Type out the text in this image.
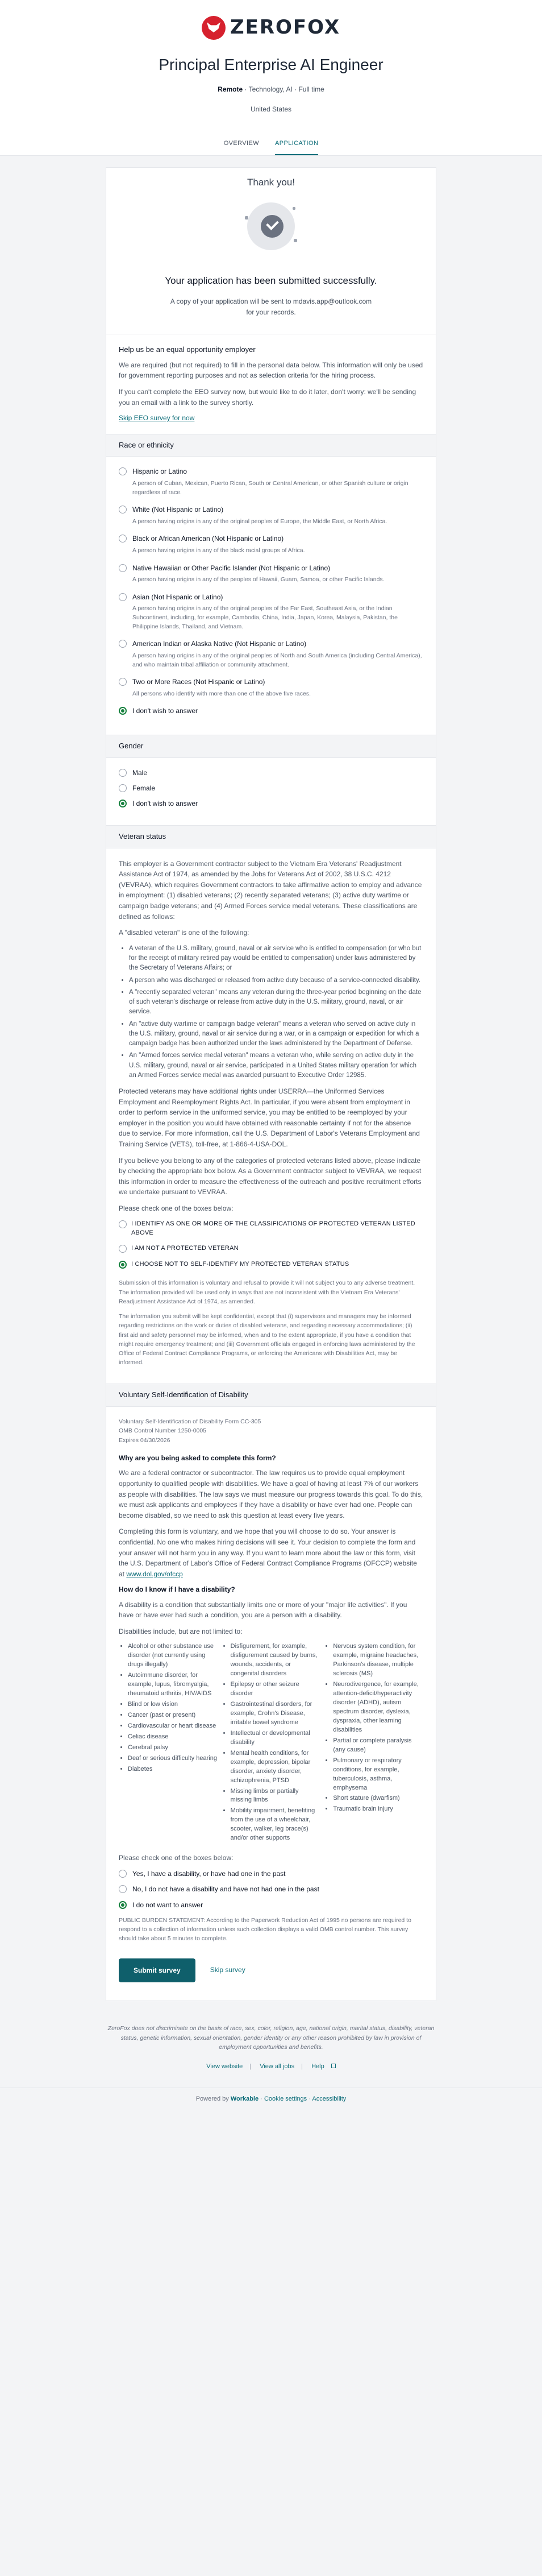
ZEROFOX
Principal Enterprise AI Engineer
Remote · Technology, AI · Full time
United States
OVERVIEW	APPLICATION
Thank you!
Your application has been submitted successfully.
A copy of your application will be sent to mdavis.app@outlook.com
for your records.
Help us be an equal opportunity employer

We are required (but not required) to fill in the personal data below. This information will only be used for government reporting purposes and not as selection criteria for the hiring process.

If you can't complete the EEO survey now, but would like to do it later, don't worry: we'll be sending you an email with a link to the survey shortly.

Skip EEO survey for now
Race or ethnicity
Hispanic or Latino
A person of Cuban, Mexican, Puerto Rican, South or Central American, or other Spanish culture or origin regardless of race.
White (Not Hispanic or Latino)
A person having origins in any of the original peoples of Europe, the Middle East, or North Africa.
Black or African American (Not Hispanic or Latino)
A person having origins in any of the black racial groups of Africa.
Native Hawaiian or Other Pacific Islander (Not Hispanic or Latino)
A person having origins in any of the peoples of Hawaii, Guam, Samoa, or other Pacific Islands.
Asian (Not Hispanic or Latino)
A person having origins in any of the original peoples of the Far East, Southeast Asia, or the Indian Subcontinent, including, for example, Cambodia, China, India, Japan, Korea, Malaysia, Pakistan, the Philippine Islands, Thailand, and Vietnam.
American Indian or Alaska Native (Not Hispanic or Latino)
A person having origins in any of the original peoples of North and South America (including Central America), and who maintain tribal affiliation or community attachment.
Two or More Races (Not Hispanic or Latino)
All persons who identify with more than one of the above five races.
I don't wish to answer
Gender
Male
Female
I don't wish to answer
Veteran status

This employer is a Government contractor subject to the Vietnam Era Veterans' Readjustment Assistance Act of 1974, as amended by the Jobs for Veterans Act of 2002, 38 U.S.C. 4212 (VEVRAA), which requires Government contractors to take affirmative action to employ and advance in employment: (1) disabled veterans; (2) recently separated veterans; (3) active duty wartime or campaign badge veterans; and (4) Armed Forces service medal veterans. These classifications are defined as follows:

A "disabled veteran" is one of the following:

• A veteran of the U.S. military, ground, naval or air service who is entitled to compensation (or who but for the receipt of military retired pay would be entitled to compensation) under laws administered by the Secretary of Veterans Affairs; or
• A person who was discharged or released from active duty because of a service-connected disability.
• A "recently separated veteran" means any veteran during the three-year period beginning on the date of such veteran's discharge or release from active duty in the U.S. military, ground, naval, or air service.
• An "active duty wartime or campaign badge veteran" means a veteran who served on active duty in the U.S. military, ground, naval or air service during a war, or in a campaign or expedition for which a campaign badge has been authorized under the laws administered by the Department of Defense.
• An "Armed forces service medal veteran" means a veteran who, while serving on active duty in the U.S. military, ground, naval or air service, participated in a United States military operation for which an Armed Forces service medal was awarded pursuant to Executive Order 12985.

Protected veterans may have additional rights under USERRA—the Uniformed Services Employment and Reemployment Rights Act. In particular, if you were absent from employment in order to perform service in the uniformed service, you may be entitled to be reemployed by your employer in the position you would have obtained with reasonable certainty if not for the absence due to service. For more information, call the U.S. Department of Labor's Veterans Employment and Training Service (VETS), toll-free, at 1-866-4-USA-DOL.

If you believe you belong to any of the categories of protected veterans listed above, please indicate by checking the appropriate box below. As a Government contractor subject to VEVRAA, we request this information in order to measure the effectiveness of the outreach and positive recruitment efforts we undertake pursuant to VEVRAA.

Please check one of the boxes below:

I IDENTIFY AS ONE OR MORE OF THE CLASSIFICATIONS OF PROTECTED VETERAN LISTED ABOVE
I AM NOT A PROTECTED VETERAN
I CHOOSE NOT TO SELF-IDENTIFY MY PROTECTED VETERAN STATUS

Submission of this information is voluntary and refusal to provide it will not subject you to any adverse treatment. The information provided will be used only in ways that are not inconsistent with the Vietnam Era Veterans' Readjustment Assistance Act of 1974, as amended.

The information you submit will be kept confidential, except that (i) supervisors and managers may be informed regarding restrictions on the work or duties of disabled veterans, and regarding necessary accommodations; (ii) first aid and safety personnel may be informed, when and to the extent appropriate, if you have a condition that might require emergency treatment; and (iii) Government officials engaged in enforcing laws administered by the Office of Federal Contract Compliance Programs, or enforcing the Americans with Disabilities Act, may be informed.

Voluntary Self-Identification of Disability
Voluntary Self-Identification of Disability Form CC-305
OMB Control Number 1250-0005
Expires 04/30/2026
Why are you being asked to complete this form?

We are a federal contractor or subcontractor. The law requires us to provide equal employment opportunity to qualified people with disabilities. We have a goal of having at least 7% of our workers as people with disabilities. The law says we must measure our progress towards this goal. To do this, we must ask applicants and employees if they have a disability or have ever had one. People can become disabled, so we need to ask this question at least every five years.

Completing this form is voluntary, and we hope that you will choose to do so. Your answer is confidential. No one who makes hiring decisions will see it. Your decision to complete the form and your answer will not harm you in any way. If you want to learn more about the law or this form, visit the U.S. Department of Labor's Office of Federal Contract Compliance Programs (OFCCP) website at www.dol.gov/ofccp

How do I know if I have a disability?

A disability is a condition that substantially limits one or more of your "major life activities". If you have or have ever had such a condition, you are a person with a disability.

Disabilities include, but are not limited to:

• Alcohol or other substance use disorder (not currently using drugs illegally)
• Autoimmune disorder, for example, lupus, fibromyalgia, rheumatoid arthritis, HIV/AIDS
• Blind or low vision
• Cancer (past or present)
• Cardiovascular or heart disease
• Celiac disease
• Cerebral palsy
• Deaf or serious difficulty hearing
• Diabetes
• Disfigurement, for example, disfigurement caused by burns, wounds, accidents, or congenital disorders
• Epilepsy or other seizure disorder
• Gastrointestinal disorders, for example, Crohn's Disease, irritable bowel syndrome
• Intellectual or developmental disability
• Mental health conditions, for example, depression, bipolar disorder, anxiety disorder, schizophrenia, PTSD
• Missing limbs or partially missing limbs
• Mobility impairment, benefiting from the use of a wheelchair, scooter, walker, leg brace(s) and/or other supports
• Nervous system condition, for example, migraine headaches, Parkinson's disease, multiple sclerosis (MS)
• Neurodivergence, for example, attention-deficit/hyperactivity disorder (ADHD), autism spectrum disorder, dyslexia, dyspraxia, other learning disabilities
• Partial or complete paralysis (any cause)
• Pulmonary or respiratory conditions, for example, tuberculosis, asthma, emphysema
• Short stature (dwarfism)
• Traumatic brain injury

Please check one of the boxes below:

Yes, I have a disability, or have had one in the past
No, I do not have a disability and have not had one in the past
I do not want to answer

PUBLIC BURDEN STATEMENT: According to the Paperwork Reduction Act of 1995 no persons are required to respond to a collection of information unless such collection displays a valid OMB control number. This survey should take about 5 minutes to complete.

Submit survey	Skip survey
ZeroFox does not discriminate on the basis of race, sex, color, religion, age, national origin, marital status, disability, veteran status, genetic information, sexual orientation, gender identity or any other reason prohibited by law in provision of employment opportunities and benefits.
View website | View all jobs | Help
Powered by Workable · Cookie settings · Accessibility
